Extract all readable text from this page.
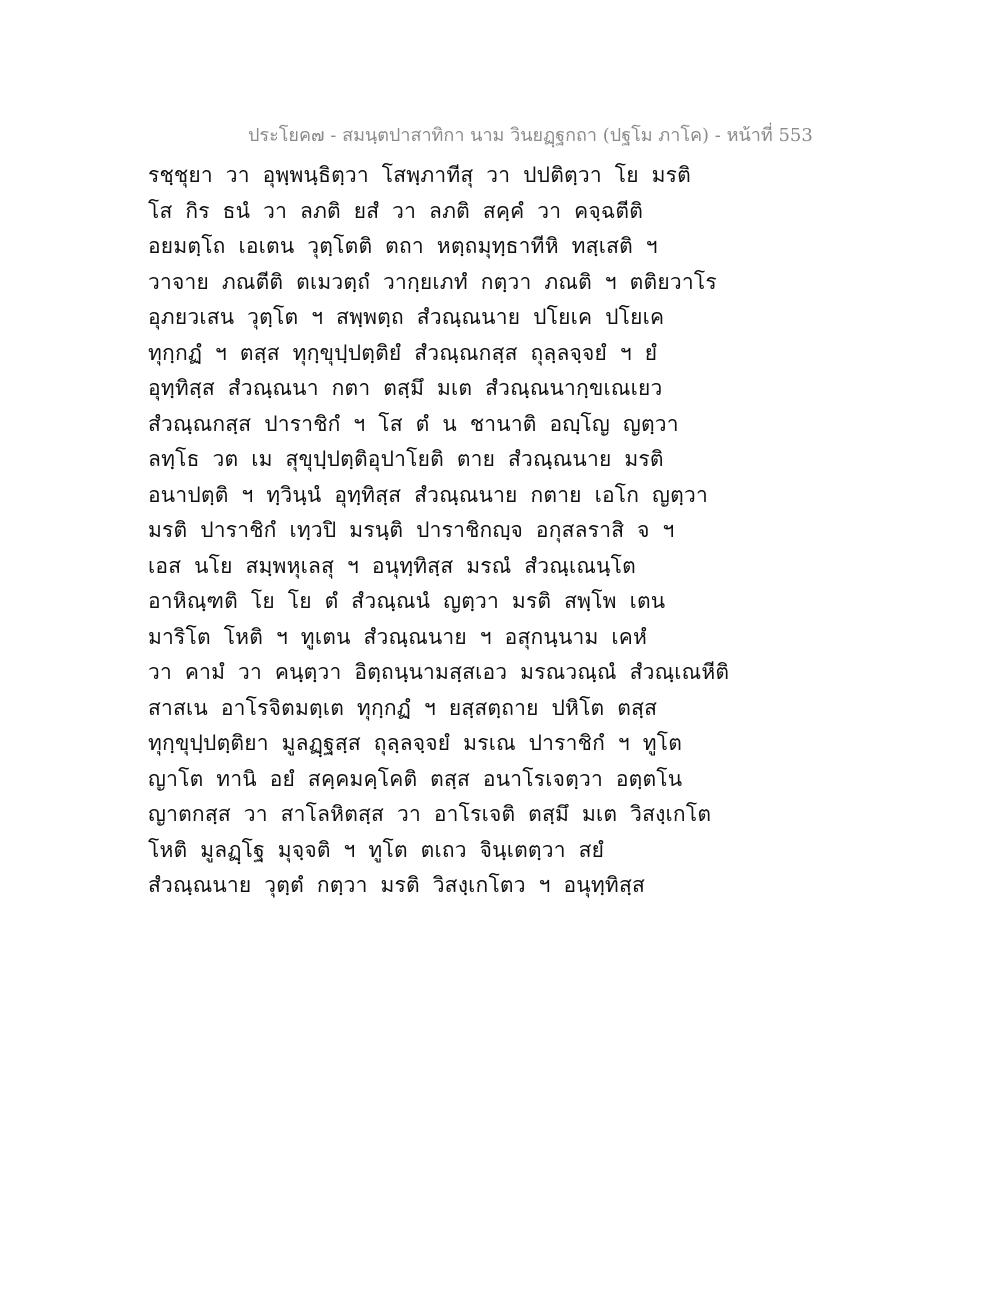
ประโยค๗ - สมนฺตปาสาทิกา นาม วินยฏฺฐกถา (ปฐโม ภาโค) - หน้าที่ 553
รชฺชุยา วา อุพฺพนฺธิตฺวา โสพฺภาทีสุ วา ปปติตฺวา โย มรติ
โส กิร ธนํ วา ลภติ ยสํ วา ลภติ สคฺคํ วา คจฺฉตีติ
อยมตฺโถ เอเตน วุตฺโตติ ตถา หตฺถมุทฺธาทีหิ ทสฺเสติ ฯ
วาจาย ภณตีติ ตเมวตฺถํ วากฺยเภทํ กตฺวา ภณติ ฯ ตติยวาโร
อุภยวเสน วุตฺโต ฯ สพฺพตฺถ สํวณฺณนาย ปโยเค ปโยเค
ทุกฺกฏํ ฯ ตสฺส ทุกฺขุปฺปตฺติยํ สํวณฺณกสฺส ถุลฺลจฺจยํ ฯ ยํ
อุทฺทิสฺส สํวณฺณนา กตา ตสฺมึ มเต สํวณฺณนากฺขเณเยว
สํวณฺณกสฺส ปาราชิกํ ฯ โส ตํ น ชานาติ อญฺโญ ญตฺวา
ลทฺโธ วต เม สุขุปฺปตฺติอุปาโยติ ตาย สํวณฺณนาย มรติ
อนาปตฺติ ฯ ทฺวินฺนํ อุทฺทิสฺส สํวณฺณนาย กตาย เอโก ญตฺวา
มรติ ปาราชิกํ เทฺวปิ มรนฺติ ปาราชิกญฺจ อกุสลราสิ จ ฯ
เอส นโย สมฺพหุเลสุ ฯ อนุทฺทิสฺส มรณํ สํวณฺเณนฺโต
อาหิณฺฑติ โย โย ตํ สํวณฺณนํ ญตฺวา มรติ สพฺโพ เตน
มาริโต โหติ ฯ ทูเตน สํวณฺณนาย ฯ อสุกนฺนาม เคหํ
วา คามํ วา คนฺตฺวา อิตฺถนฺนามสฺสเอว มรณวณฺณํ สํวณฺเณหีติ
สาสเน อาโรจิตมตฺเต ทุกฺกฏํ ฯ ยสฺสตฺถาย ปหิโต ตสฺส
ทุกฺขุปฺปตฺติยา มูลฏฺฐสฺส ถุลฺลจฺจยํ มรเณ ปาราชิกํ ฯ ทูโต
ญาโต ทานิ อยํ สคฺคมคฺโคติ ตสฺส อนาโรเจตฺวา อตฺตโน
ญาตกสฺส วา สาโลหิตสฺส วา อาโรเจติ ตสฺมึ มเต วิสงฺเกโต
โหติ มูลฏฺโฐ มุจฺจติ ฯ ทูโต ตเถว จินฺเตตฺวา สยํ
สํวณฺณนาย วุตฺตํ กตฺวา มรติ วิสงฺเกโตว ฯ อนุทฺทิสฺส
